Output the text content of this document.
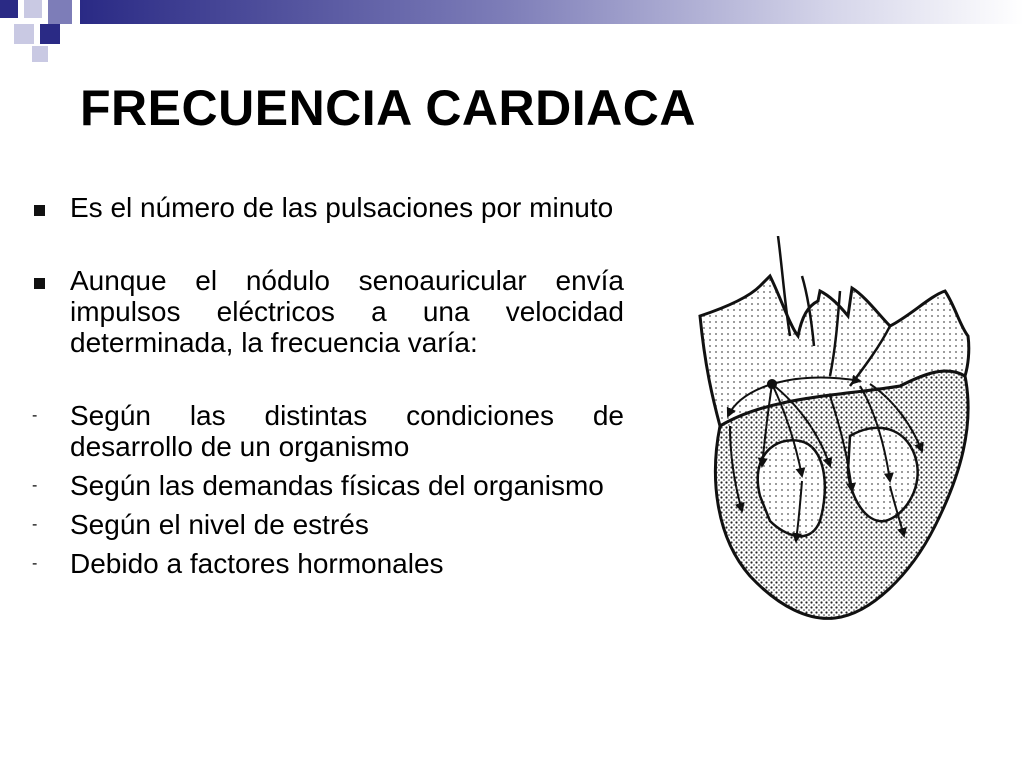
FRECUENCIA CARDIACA
Es el número de las pulsaciones por minuto
Aunque el nódulo senoauricular envía impulsos eléctricos a una velocidad determinada, la frecuencia varía:
-	Según las distintas condiciones de desarrollo de un organismo
-	Según las demandas físicas del organismo
-	Según el nivel de estrés
-	Debido a factores hormonales
